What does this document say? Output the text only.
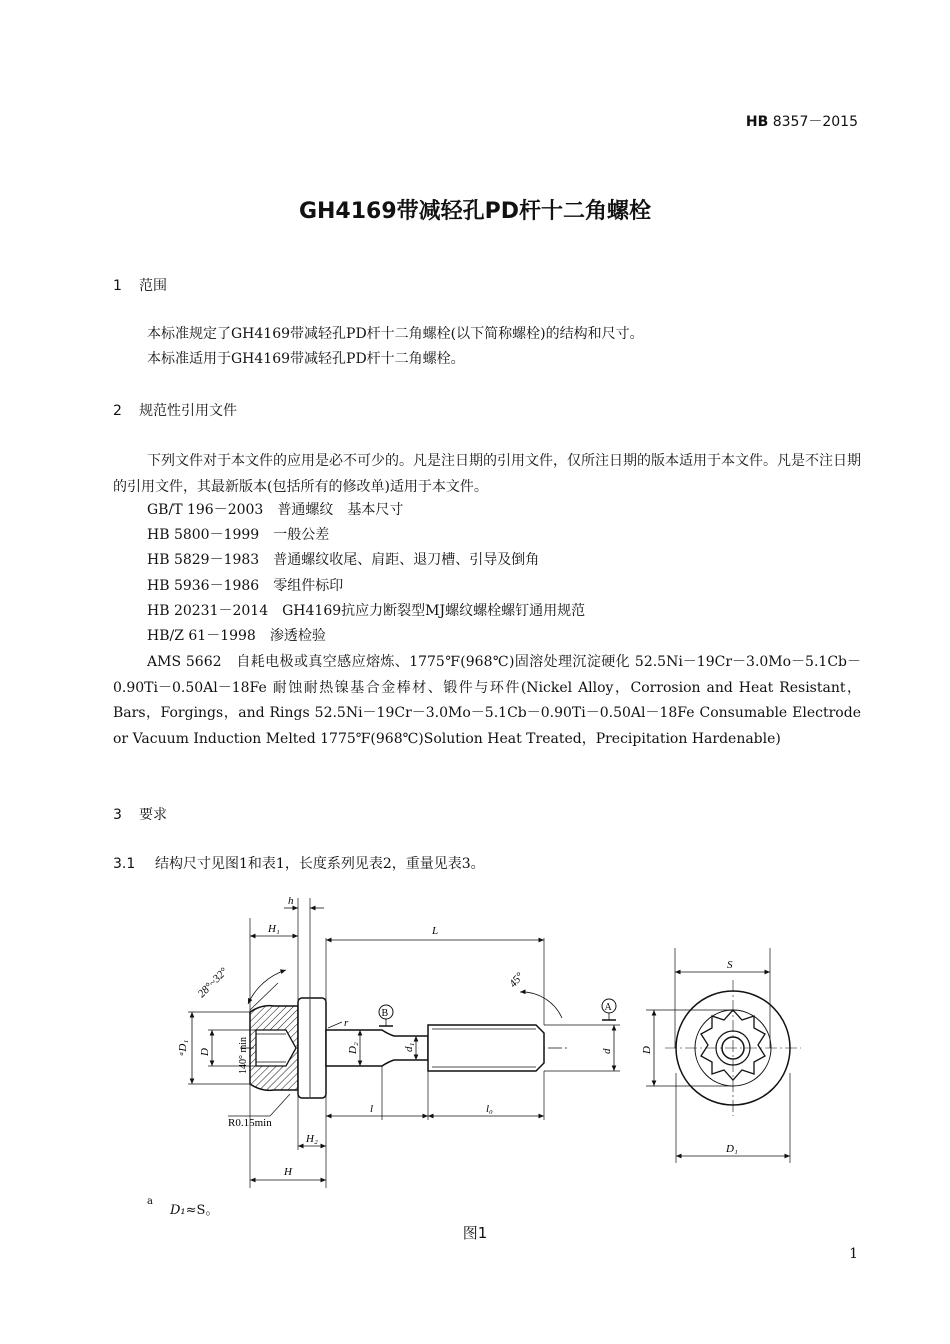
HB 8357－2015
GH4169带减轻孔PD杆十二角螺栓
1 范围
本标准规定了GH4169带减轻孔PD杆十二角螺栓(以下简称螺栓)的结构和尺寸。
本标准适用于GH4169带减轻孔PD杆十二角螺栓。
2 规范性引用文件
下列文件对于本文件的应用是必不可少的。凡是注日期的引用文件，仅所注日期的版本适用于本文件。凡是不注日期的引用文件，其最新版本(包括所有的修改单)适用于本文件。
GB/T 196－2003 普通螺纹　基本尺寸
HB 5800－1999 一般公差
HB 5829－1983 普通螺纹收尾、肩距、退刀槽、引导及倒角
HB 5936－1986 零组件标印
HB 20231－2014 GH4169抗应力断裂型MJ螺纹螺栓螺钉通用规范
HB/Z 61－1998 渗透检验
AMS 5662　自耗电极或真空感应熔炼、1775℉(968℃)固溶处理沉淀硬化 52.5Ni－19Cr－3.0Mo－5.1Cb－0.90Ti－0.50Al－18Fe 耐蚀耐热镍基合金棒材、锻件与环件(Nickel Alloy，Corrosion and Heat Resistant，Bars，Forgings，and Rings 52.5Ni－19Cr－3.0Mo－5.1Cb－0.90Ti－0.50Al－18Fe Consumable Electrode or Vacuum Induction Melted 1775℉(968℃)Solution Heat Treated，Precipitation Hardenable)
3 要求
3.1 结构尺寸见图1和表1，长度系列见表2，重量见表3。
h
H₁	L
28°~32°	45°
r
B
A
ᵃD₁ D	140° min	D₂	d₁	d
R0.15min
H₂
l	l₀
H
S
D
D₁
a
D₁≈S。
图1
1
